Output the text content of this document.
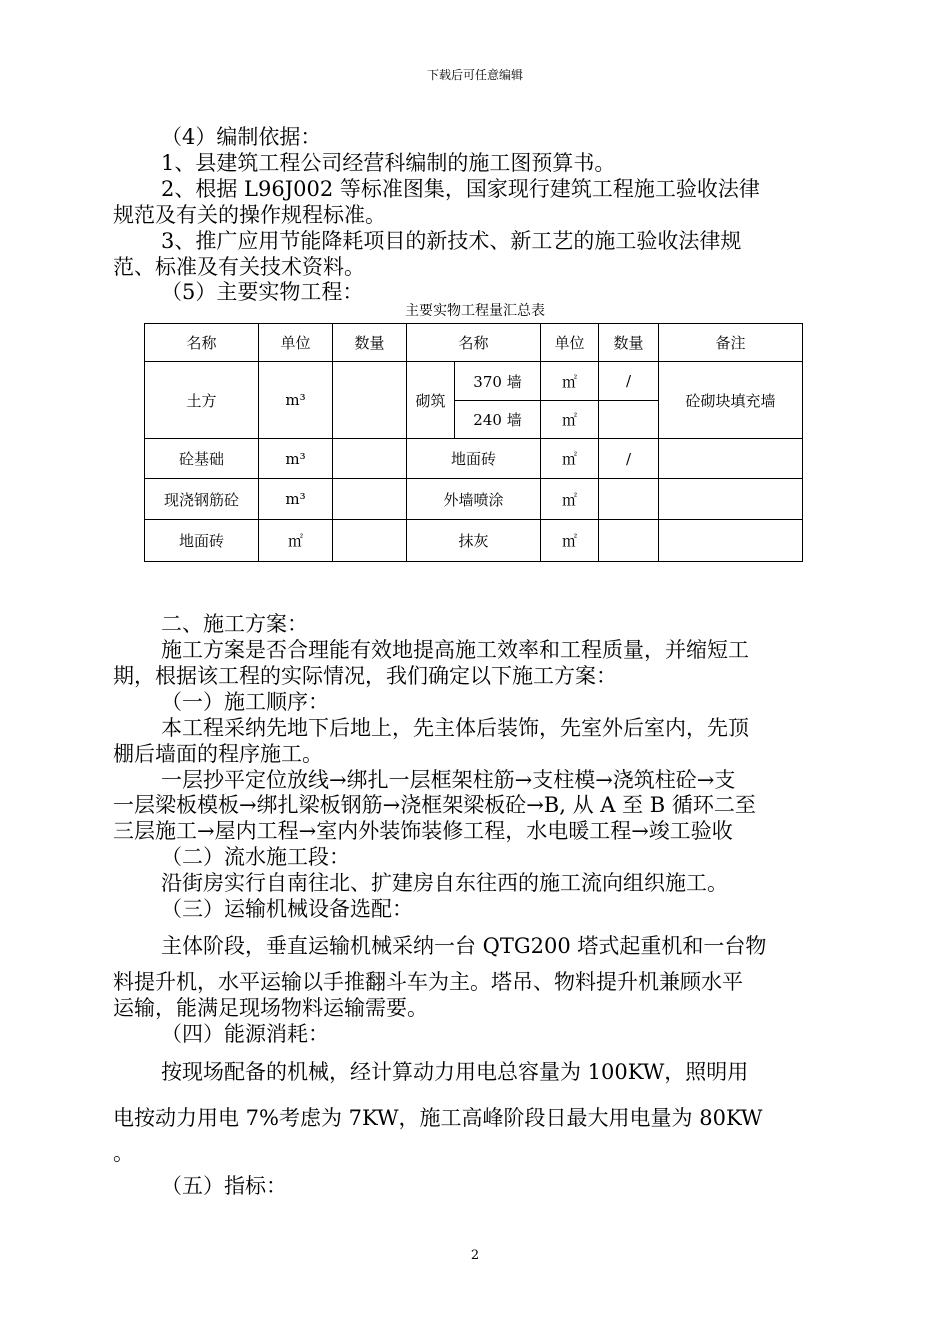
下载后可任意编辑
（4）编制依据：
1、县建筑工程公司经营科编制的施工图预算书。
2、根据 L96J002 等标准图集，国家现行建筑工程施工验收法律
规范及有关的操作规程标准。
3、推广应用节能降耗项目的新技术、新工艺的施工验收法律规
范、标准及有关技术资料。
（5）主要实物工程：
主要实物工程量汇总表
名称	单位	数量	名称		单位	数量	备注
土方	m³		砌筑	370 墙	㎡	/	砼砌块填充墙
				240 墙	㎡		
砼基础	m³		地面砖		㎡	/	
现浇钢筋砼	m³		外墙喷涂		㎡		
地面砖	㎡		抹灰		㎡		
二、施工方案：
施工方案是否合理能有效地提高施工效率和工程质量，并缩短工
期，根据该工程的实际情况，我们确定以下施工方案：
（一）施工顺序：
本工程采纳先地下后地上，先主体后装饰，先室外后室内，先顶
棚后墙面的程序施工。
一层抄平定位放线→绑扎一层框架柱筋→支柱模→浇筑柱砼→支
一层梁板模板→绑扎梁板钢筋→浇框架梁板砼→B, 从 A 至 B 循环二至
三层施工→屋内工程→室内外装饰装修工程，水电暖工程→竣工验收
（二）流水施工段：
沿街房实行自南往北、扩建房自东往西的施工流向组织施工。
（三）运输机械设备选配：
主体阶段，垂直运输机械采纳一台 QTG200 塔式起重机和一台物
料提升机，水平运输以手推翻斗车为主。塔吊、物料提升机兼顾水平
运输，能满足现场物料运输需要。
（四）能源消耗：
按现场配备的机械，经计算动力用电总容量为 100KW，照明用
电按动力用电 7%考虑为 7KW，施工高峰阶段日最大用电量为 80KW
。
（五）指标：
2
